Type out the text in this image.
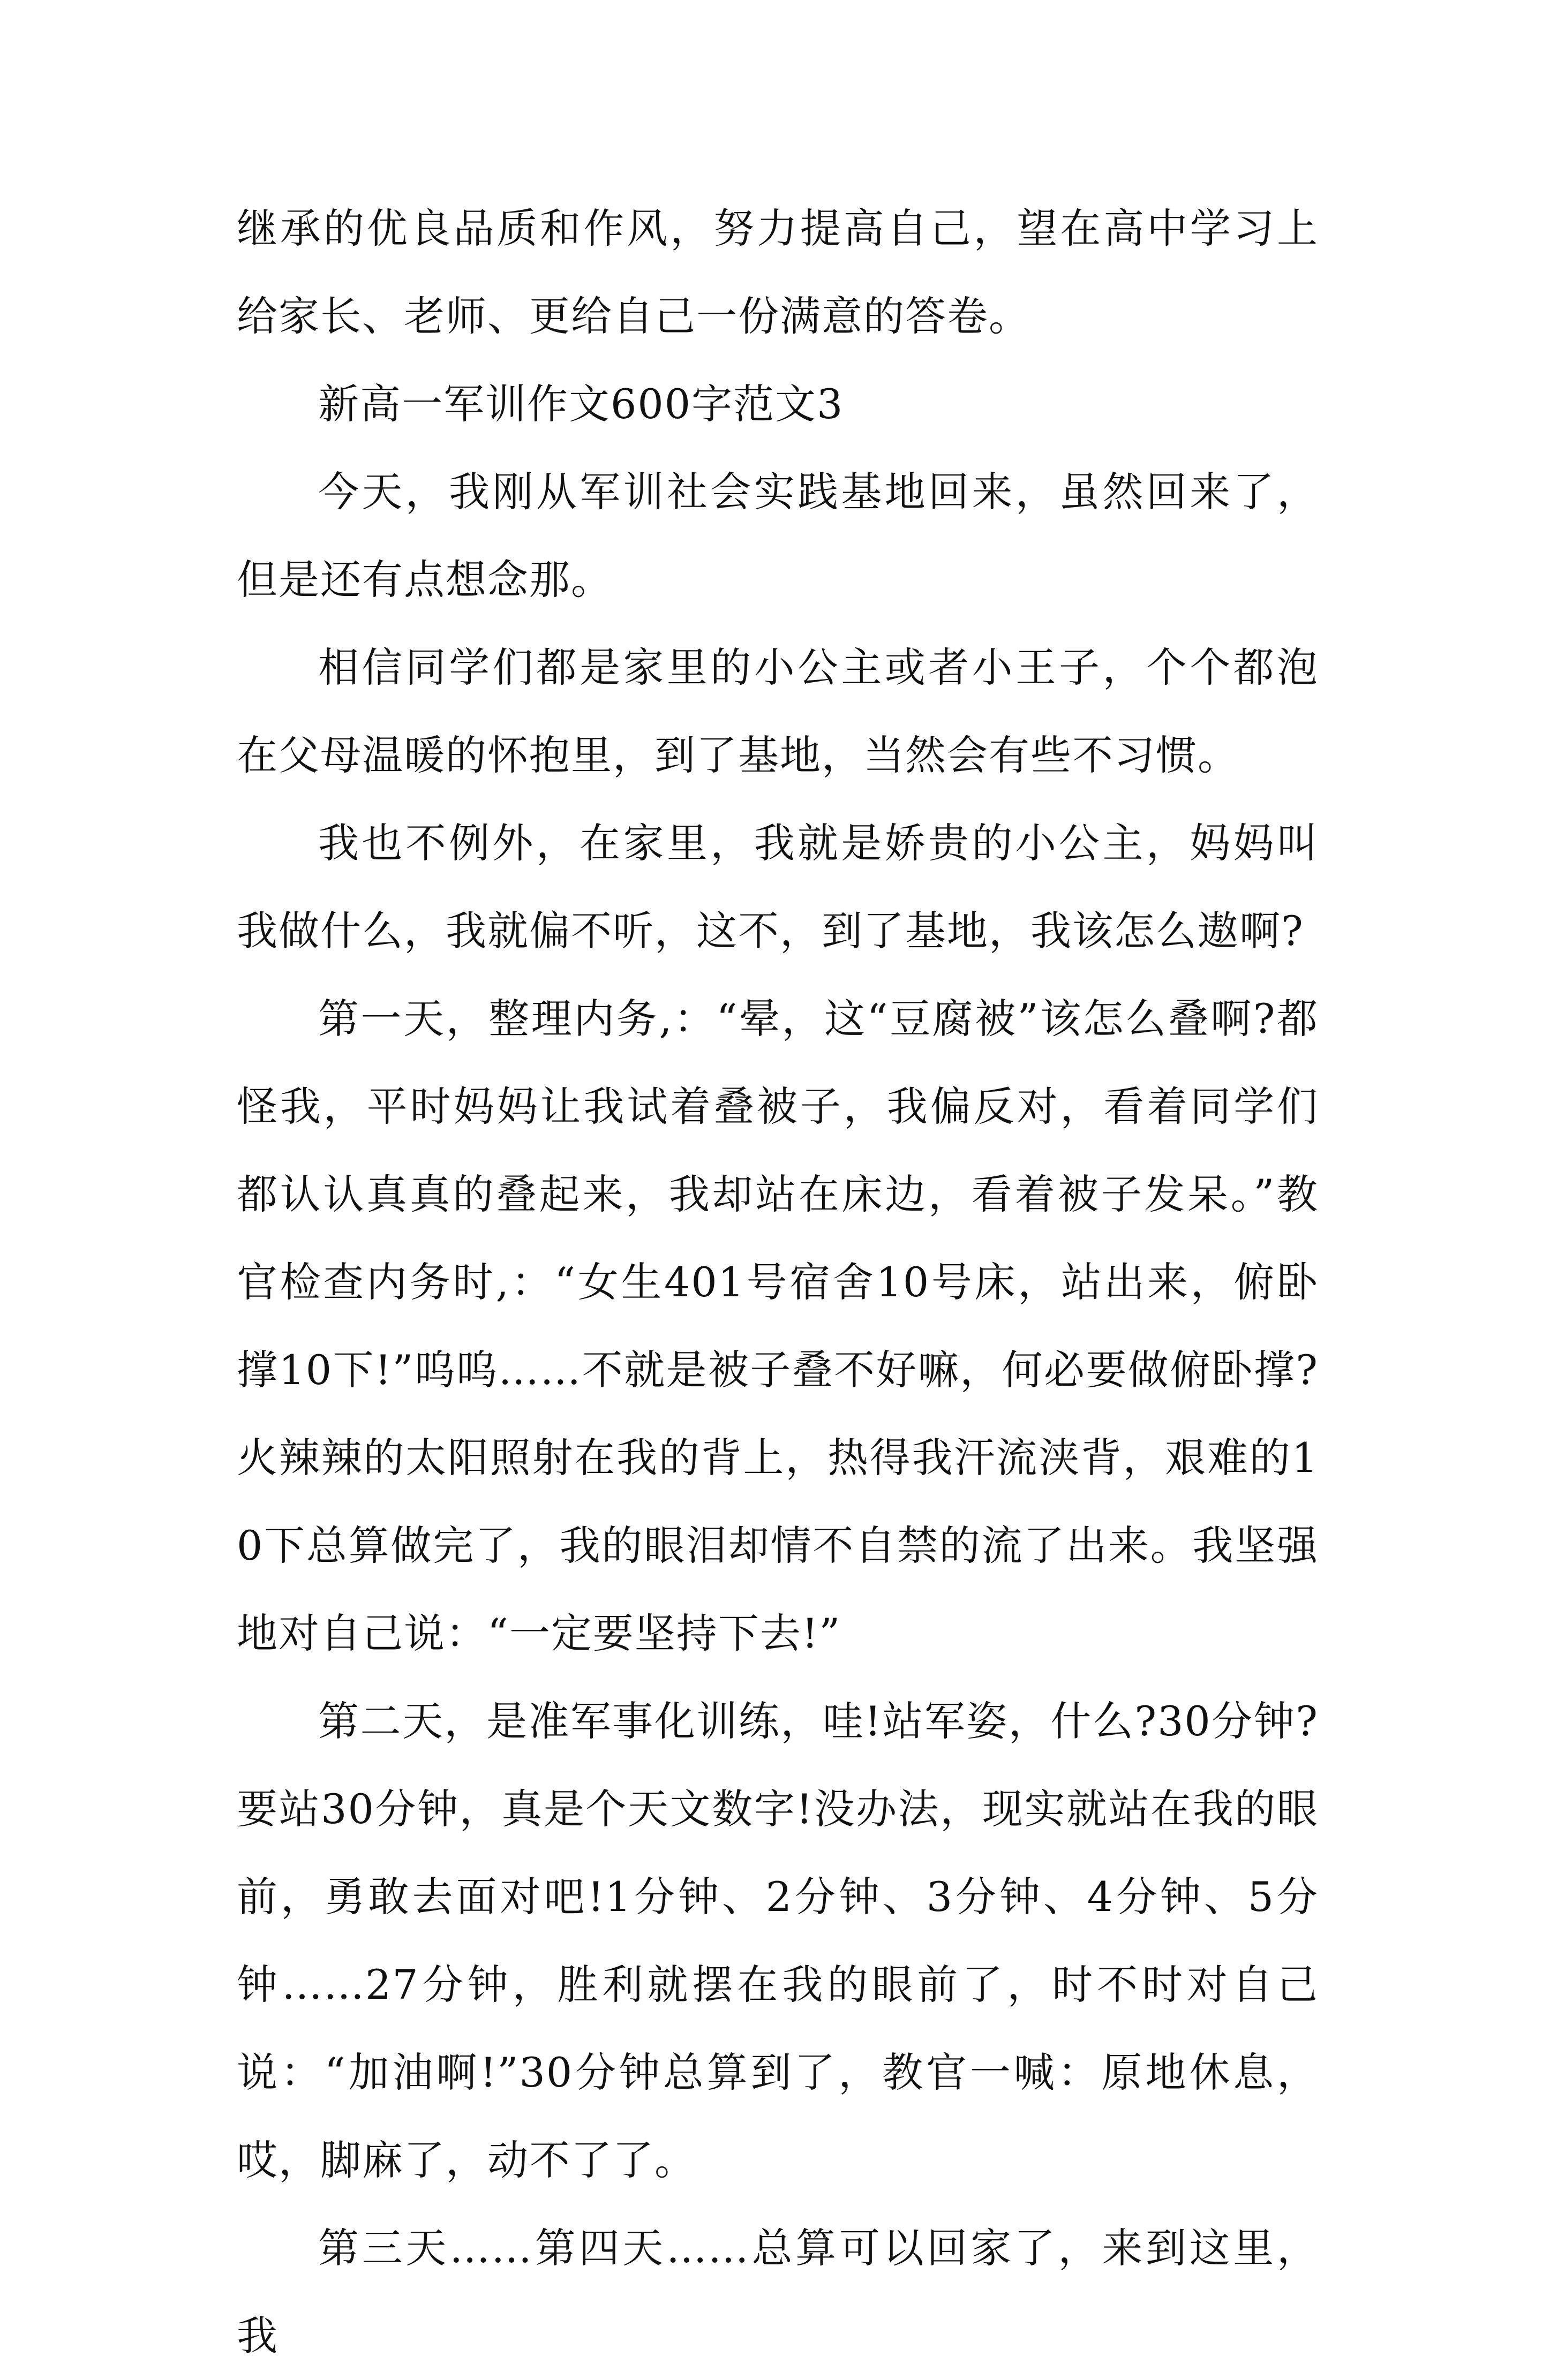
继承的优良品质和作风，努力提高自己，望在高中学习上给家长、老师、更给自己一份满意的答卷。

新高一军训作文600字范文3

今天，我刚从军训社会实践基地回来，虽然回来了，但是还有点想念那。

相信同学们都是家里的小公主或者小王子，个个都泡在父母温暖的怀抱里，到了基地，当然会有些不习惯。

我也不例外，在家里，我就是娇贵的小公主，妈妈叫我做什么，我就偏不听，这不，到了基地，我该怎么遨啊?

第一天，整理内务,：“晕，这“豆腐被”该怎么叠啊?都怪我，平时妈妈让我试着叠被子，我偏反对，看着同学们都认认真真的叠起来，我却站在床边，看着被子发呆。”教官检查内务时,：“女生401号宿舍10号床，站出来，俯卧撑10下!”呜呜……不就是被子叠不好嘛，何必要做俯卧撑?火辣辣的太阳照射在我的背上，热得我汗流浃背，艰难的10下总算做完了，我的眼泪却情不自禁的流了出来。我坚强地对自己说：“一定要坚持下去!”

第二天，是准军事化训练，哇!站军姿，什么?30分钟?要站30分钟，真是个天文数字!没办法，现实就站在我的眼前，勇敢去面对吧!1分钟、2分钟、3分钟、4分钟、5分钟……27分钟，胜利就摆在我的眼前了，时不时对自己说：“加油啊!”30分钟总算到了，教官一喊：原地休息，哎，脚麻了，动不了了。

第三天……第四天……总算可以回家了，来到这里，我
